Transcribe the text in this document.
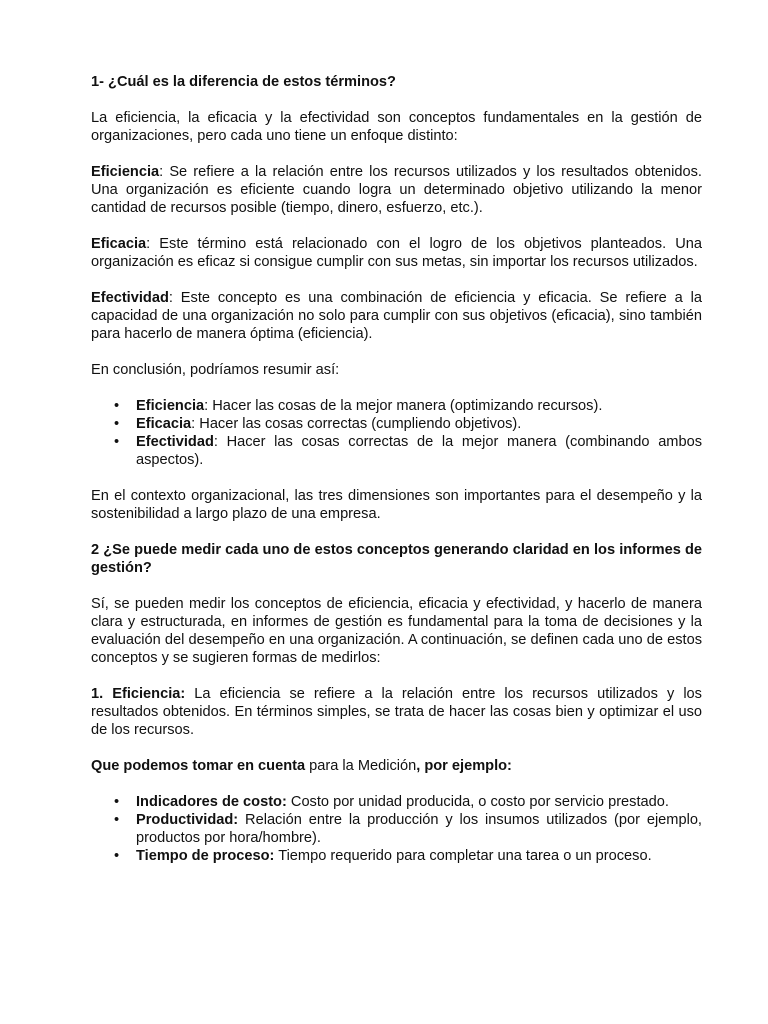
1- ¿Cuál es la diferencia de estos términos?

La eficiencia, la eficacia y la efectividad son conceptos fundamentales en la gestión de organizaciones, pero cada uno tiene un enfoque distinto:

Eficiencia: Se refiere a la relación entre los recursos utilizados y los resultados obtenidos. Una organización es eficiente cuando logra un determinado objetivo utilizando la menor cantidad de recursos posible (tiempo, dinero, esfuerzo, etc.).

Eficacia: Este término está relacionado con el logro de los objetivos planteados. Una organización es eficaz si consigue cumplir con sus metas, sin importar los recursos utilizados.

Efectividad: Este concepto es una combinación de eficiencia y eficacia. Se refiere a la capacidad de una organización no solo para cumplir con sus objetivos (eficacia), sino también para hacerlo de manera óptima (eficiencia).

En conclusión, podríamos resumir así:

• Eficiencia: Hacer las cosas de la mejor manera (optimizando recursos).
• Eficacia: Hacer las cosas correctas (cumpliendo objetivos).
• Efectividad: Hacer las cosas correctas de la mejor manera (combinando ambos aspectos).

En el contexto organizacional, las tres dimensiones son importantes para el desempeño y la sostenibilidad a largo plazo de una empresa.

2 ¿Se puede medir cada uno de estos conceptos generando claridad en los informes de gestión?

Sí, se pueden medir los conceptos de eficiencia, eficacia y efectividad, y hacerlo de manera clara y estructurada, en informes de gestión es fundamental para la toma de decisiones y la evaluación del desempeño en una organización. A continuación, se definen cada uno de estos conceptos y se sugieren formas de medirlos:

1. Eficiencia: La eficiencia se refiere a la relación entre los recursos utilizados y los resultados obtenidos. En términos simples, se trata de hacer las cosas bien y optimizar el uso de los recursos.

Que podemos tomar en cuenta para la Medición, por ejemplo:

• Indicadores de costo: Costo por unidad producida, o costo por servicio prestado.
• Productividad: Relación entre la producción y los insumos utilizados (por ejemplo, productos por hora/hombre).
• Tiempo de proceso: Tiempo requerido para completar una tarea o un proceso.
